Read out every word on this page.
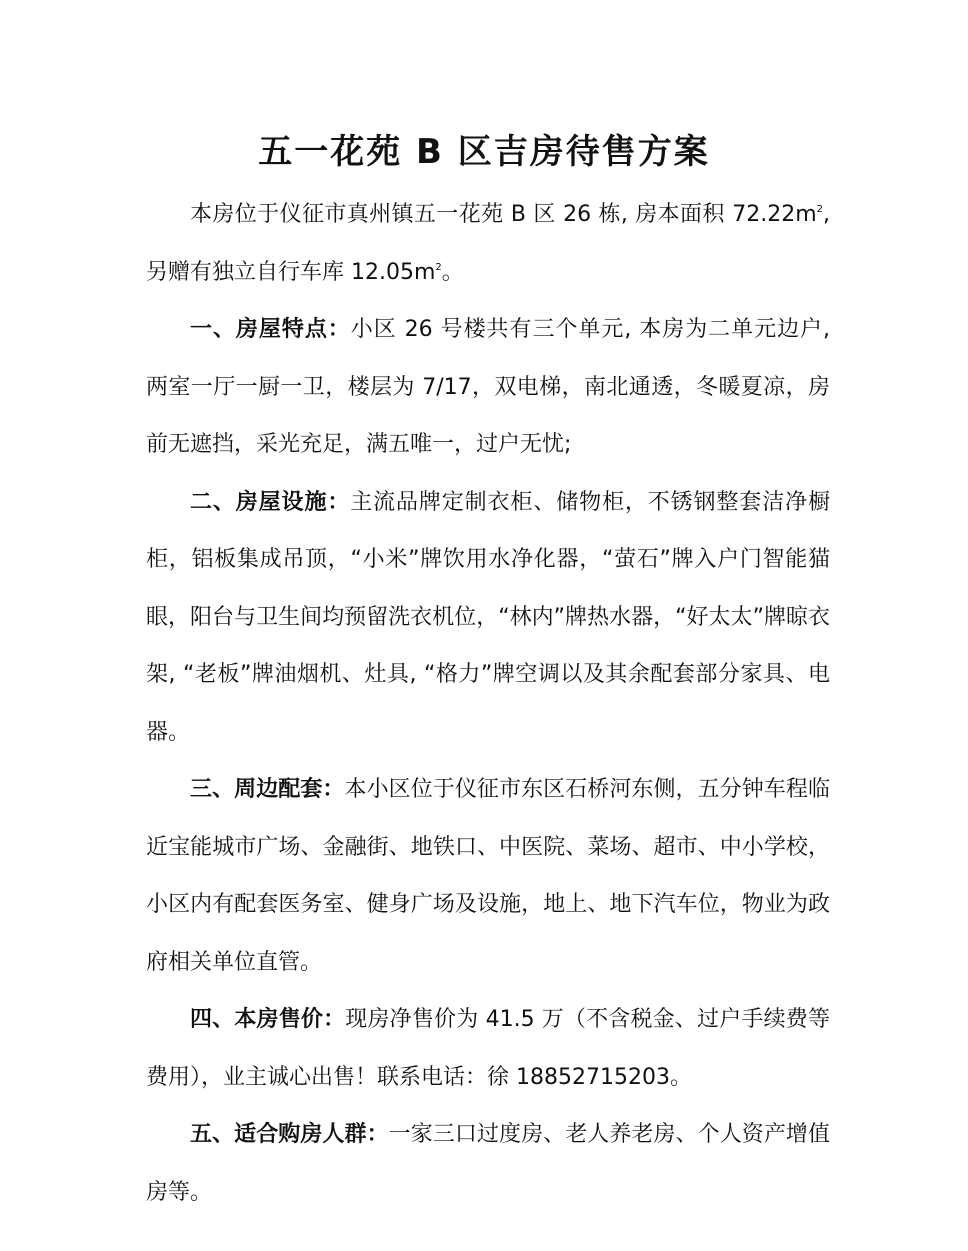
五一花苑 B 区吉房待售方案

本房位于仪征市真州镇五一花苑 B 区 26 栋, 房本面积 $72.22m^2$, 另赠有独立自行车库 $12.05m^2$。

一、房屋特点：小区 26 号楼共有三个单元, 本房为二单元边户, 两室一厅一厨一卫，楼层为 7/17，双电梯，南北通透，冬暖夏凉，房前无遮挡，采光充足，满五唯一，过户无忧;

二、房屋设施：主流品牌定制衣柜、储物柜，不锈钢整套洁净橱柜，铝板集成吊顶，“小米”牌饮用水净化器，“萤石”牌入户门智能猫眼，阳台与卫生间均预留洗衣机位，“林内”牌热水器，“好太太”牌晾衣架, “老板”牌油烟机、灶具, “格力”牌空调以及其余配套部分家具、电器。

三、周边配套：本小区位于仪征市东区石桥河东侧，五分钟车程临近宝能城市广场、金融街、地铁口、中医院、菜场、超市、中小学校，小区内有配套医务室、健身广场及设施，地上、地下汽车位，物业为政府相关单位直管。

四、本房售价：现房净售价为 41.5 万（不含税金、过户手续费等费用），业主诚心出售！联系电话：徐 18852715203。

五、适合购房人群：一家三口过度房、老人养老房、个人资产增值房等。
